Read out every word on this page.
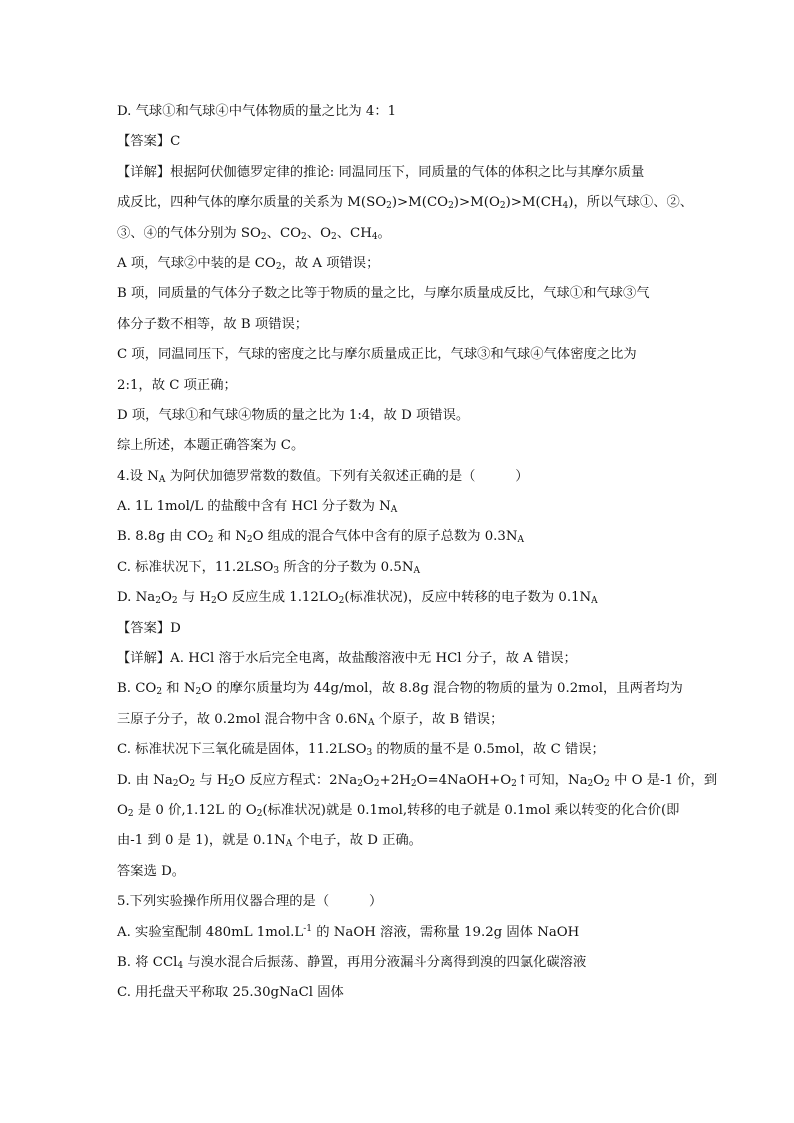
D. 气球①和气球④中气体物质的量之比为 4：1
【答案】C
【详解】根据阿伏伽德罗定律的推论: 同温同压下，同质量的气体的体积之比与其摩尔质量
成反比，四种气体的摩尔质量的关系为 $M(SO_2)>M(CO_2)>M(O_2)>M(CH_4)$，所以气球①、②、
③、④的气体分别为 $SO_2$、$CO_2$、$O_2$、$CH_4$。
A 项，气球②中装的是 $CO_2$，故 A 项错误；
B 项，同质量的气体分子数之比等于物质的量之比，与摩尔质量成反比，气球①和气球③气
体分子数不相等，故 B 项错误；
C 项，同温同压下，气球的密度之比与摩尔质量成正比，气球③和气球④气体密度之比为
2:1，故 C 项正确；
D 项，气球①和气球④物质的量之比为 1:4，故 D 项错误。
综上所述，本题正确答案为 C。
4.设 $N_A$ 为阿伏加德罗常数的数值。下列有关叙述正确的是（　　　）
A. 1L 1mol/L 的盐酸中含有 HCl 分子数为 $N_A$
B. 8.8g 由 $CO_2$ 和 $N_2O$ 组成的混合气体中含有的原子总数为 $0.3N_A$
C. 标准状况下，$11.2LSO_3$ 所含的分子数为 $0.5N_A$
D. $Na_2O_2$ 与 $H_2O$ 反应生成 $1.12LO_2$(标准状况)，反应中转移的电子数为 $0.1N_A$
【答案】D
【详解】A. HCl 溶于水后完全电离，故盐酸溶液中无 HCl 分子，故 A 错误；
B. $CO_2$ 和 $N_2O$ 的摩尔质量均为 44g/mol，故 8.8g 混合物的物质的量为 0.2mol，且两者均为
三原子分子，故 0.2mol 混合物中含 $0.6N_A$ 个原子，故 B 错误；
C. 标准状况下三氧化硫是固体，$11.2LSO_3$ 的物质的量不是 0.5mol，故 C 错误；
D. 由 $Na_2O_2$ 与 $H_2O$ 反应方程式：$2Na_2O_2+2H_2O=4NaOH+O_2↑$可知，$Na_2O_2$ 中 O 是-1 价，到
$O_2$ 是 0 价,1.12L 的 $O_2$(标准状况)就是 0.1mol,转移的电子就是 0.1mol 乘以转变的化合价(即
由-1 到 0 是 1)，就是 $0.1N_A$ 个电子，故 D 正确。
答案选 D。
5.下列实验操作所用仪器合理的是（　　　）
A. 实验室配制 480mL $1mol.L^{-1}$ 的 NaOH 溶液，需称量 19.2g 固体 NaOH
B. 将 CCl$_4$ 与溴水混合后振荡、静置，再用分液漏斗分离得到溴的四氯化碳溶液
C. 用托盘天平称取 25.30gNaCl 固体
